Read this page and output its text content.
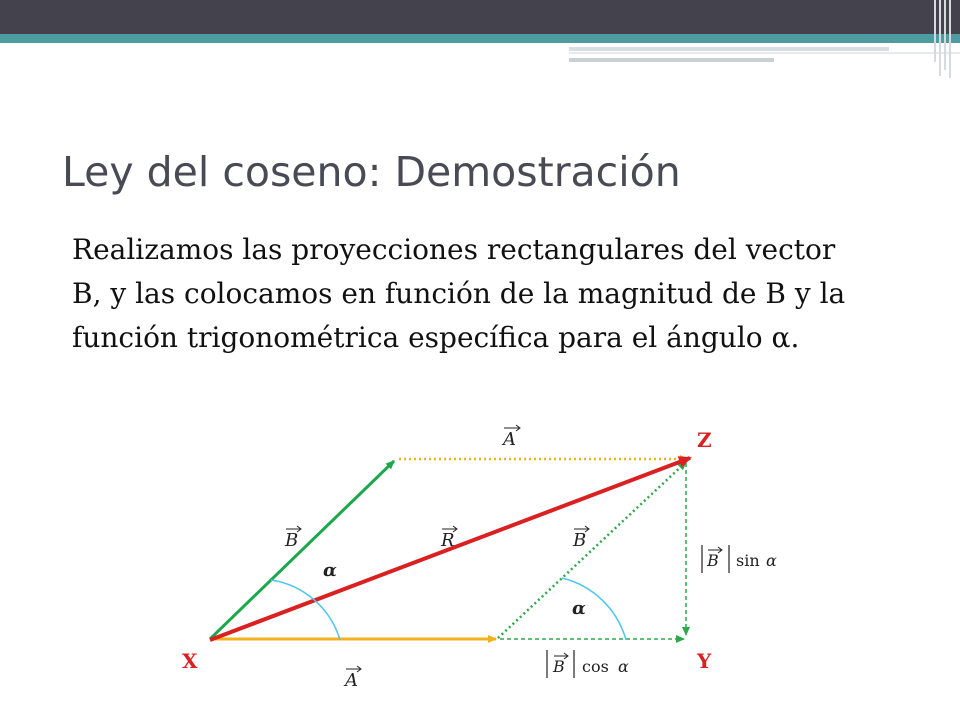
Ley del coseno: Demostración

Realizamos las proyecciones rectangulares del vector B, y las colocamos en función de la magnitud de B y la función trigonométrica específica para el ángulo α.

X	Y
Z
A
B	R	B
A
α
α
B sin α
B cos α
